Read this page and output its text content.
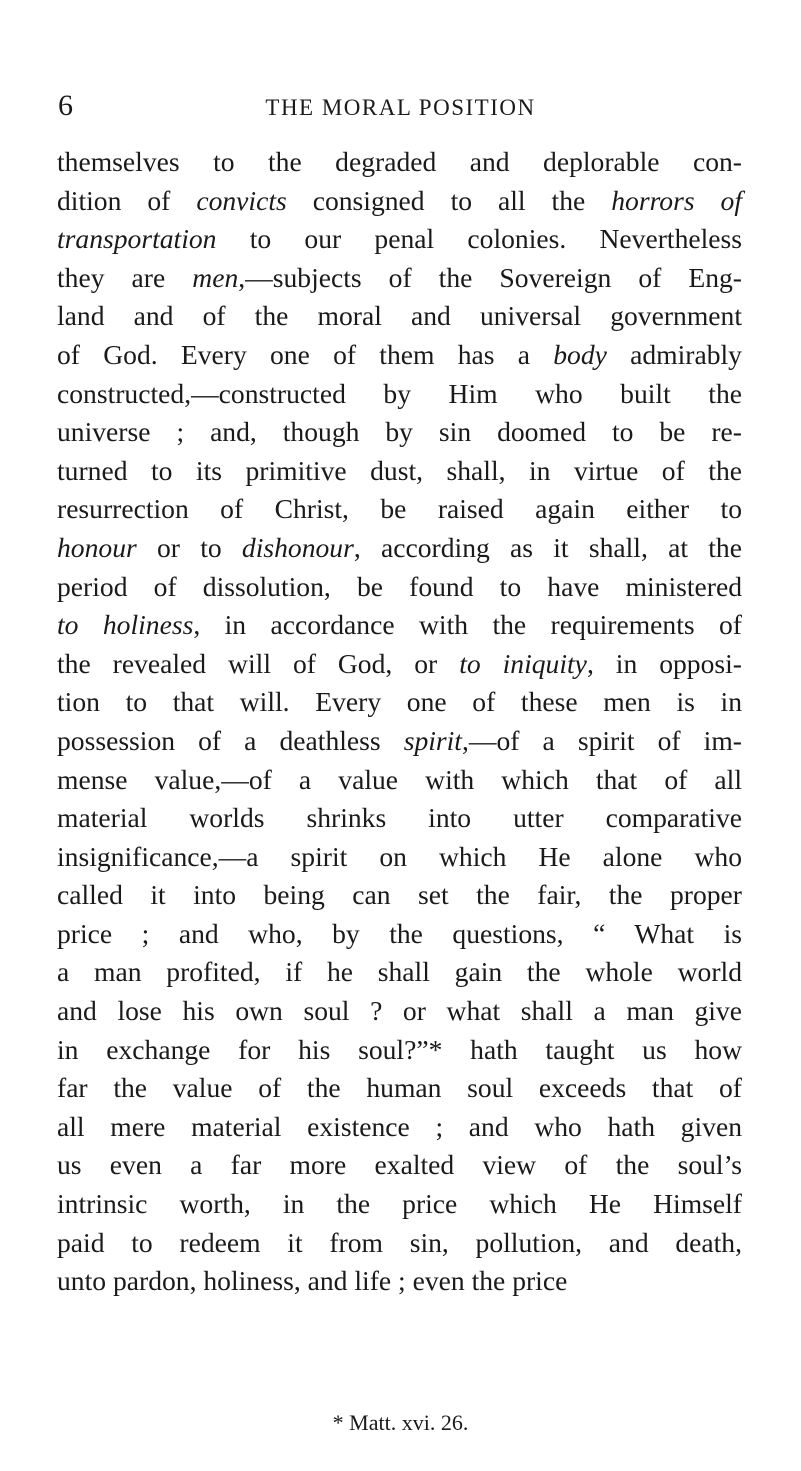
6	THE MORAL POSITION
themselves to the degraded and deplorable con-
dition of convicts consigned to all the horrors of
transportation to our penal colonies. Nevertheless
they are men,—subjects of the Sovereign of Eng-
land and of the moral and universal government
of God. Every one of them has a body admirably
constructed,—constructed by Him who built the
universe ; and, though by sin doomed to be re-
turned to its primitive dust, shall, in virtue of the
resurrection of Christ, be raised again either to
honour or to dishonour, according as it shall, at the
period of dissolution, be found to have ministered
to holiness, in accordance with the requirements of
the revealed will of God, or to iniquity, in opposi-
tion to that will. Every one of these men is in
possession of a deathless spirit,—of a spirit of im-
mense value,—of a value with which that of all
material worlds shrinks into utter comparative
insignificance,—a spirit on which He alone who
called it into being can set the fair, the proper
price ; and who, by the questions, “ What is
a man profited, if he shall gain the whole world
and lose his own soul ? or what shall a man give
in exchange for his soul?”* hath taught us how
far the value of the human soul exceeds that of
all mere material existence ; and who hath given
us even a far more exalted view of the soul’s
intrinsic worth, in the price which He Himself
paid to redeem it from sin, pollution, and death,
unto pardon, holiness, and life ; even the price
* Matt. xvi. 26.
